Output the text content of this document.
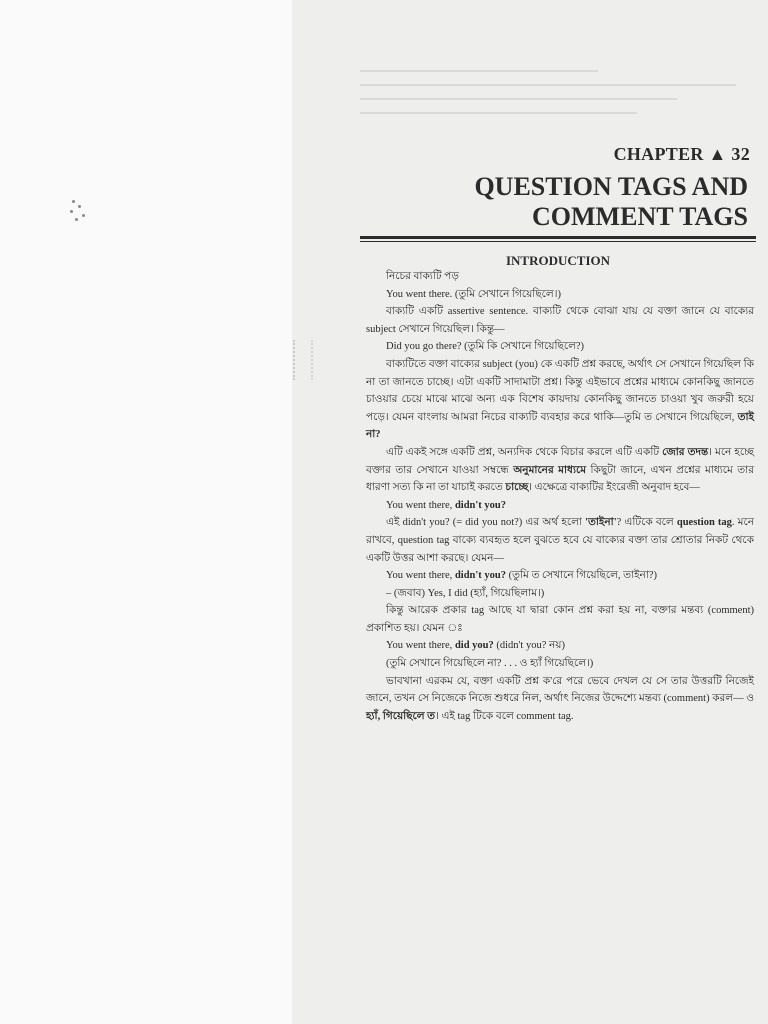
CHAPTER ▲ 32
QUESTION TAGS AND
COMMENT TAGS
INTRODUCTION

নিচের বাক্যটি পড়

You went there. (তুমি সেখানে গিয়েছিলে।)

বাক্যটি একটি assertive sentence. বাক্যটি থেকে বোঝা যায় যে বক্তা জানে যে বাক্যের subject সেখানে গিয়েছিল। কিন্তু—

Did you go there? (তুমি কি সেখানে গিয়েছিলে?)

বাক্যটিতে বক্তা বাক্যের subject (you) কে একটি প্রশ্ন করছে, অর্থাৎ সে সেখানে গিয়েছিল কি না তা জানতে চাচ্ছে। এটা একটি সাদামাটা প্রশ্ন। কিন্তু এইভাবে প্রশ্নের মাধ্যমে কোনকিছু জানতে চাওয়ার চেয়ে মাঝে মাঝে অন্য এক বিশেষ কায়দায় কোনকিছু জানতে চাওয়া খুব জরুরী হয়ে পড়ে। যেমন বাংলায় আমরা নিচের বাক্যটি ব্যবহার করে থাকি—তুমি ত সেখানে গিয়েছিলে, তাই না?

এটি একই সঙ্গে একটি প্রশ্ন, অন্যদিক থেকে বিচার করলে এটি একটি জোর তদন্ত। মনে হচ্ছে বক্তার তার সেখানে যাওয়া সম্বন্ধে অনুমানের মাধ্যমে কিছুটা জানে, এখন প্রশ্নের মাধ্যমে তার ধারণা সত্য কি না তা যাচাই করতে চাচ্ছে। এক্ষেত্রে বাক্যটির ইংরেজী অনুবাদ হবে—

You went there, didn't you?

এই didn't you? (= did you not?) এর অর্থ হলো 'তাইনা'? এটিকে বলে question tag. মনে রাখবে, question tag বাক্যে ব্যবহৃত হলে বুঝতে হবে যে বাক্যের বক্তা তার শ্রোতার নিকট থেকে একটি উত্তর আশা করছে। যেমন—

You went there, didn't you? (তুমি ত সেখানে গিয়েছিলে, তাইনা?)

– (জবাব) Yes, I did (হ্যাঁ, গিয়েছিলাম।)

কিন্তু আরেক প্রকার tag আছে যা দ্বারা কোন প্রশ্ন করা হয় না, বক্তার মন্তব্য (comment) প্রকাশিত হয়। যেমন ঃ

You went there, did you? (didn't you? নয়)

(তুমি সেখানে গিয়েছিলে না? . . . ও হ্যাঁ গিয়েছিলে।)

ভাবখানা এরকম যে, বক্তা একটি প্রশ্ন ক'রে পরে ভেবে দেখল যে সে তার উত্তরটি নিজেই জানে, তখন সে নিজেকে নিজে শুধরে নিল, অর্থাৎ নিজের উদ্দেশ্যে মন্তব্য (comment) করল— ও হ্যাঁ, গিয়েছিলে ত। এই tag টিকে বলে comment tag.
